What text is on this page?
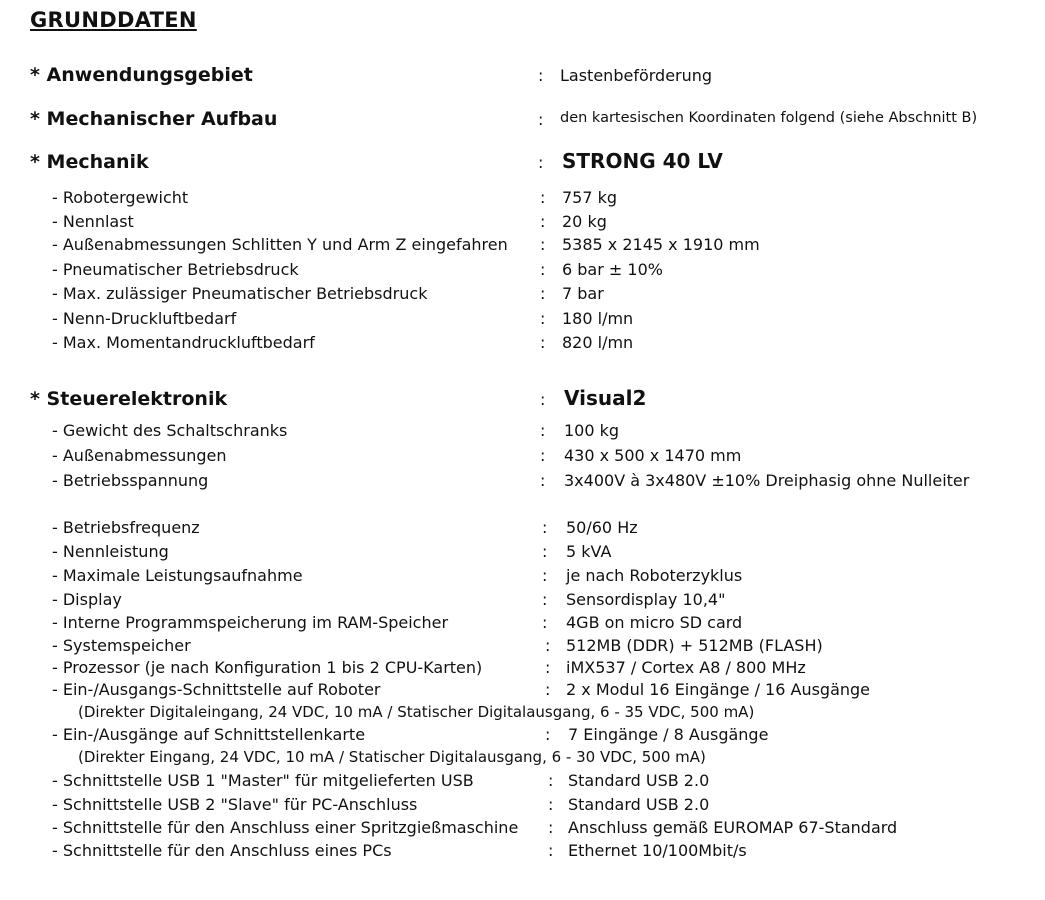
GRUNDDATEN
* Anwendungsgebiet	: Lastenbeförderung
* Mechanischer Aufbau	: den kartesischen Koordinaten folgend (siehe Abschnitt B)
* Mechanik	: STRONG 40 LV
- Robotergewicht	: 757 kg
- Nennlast	: 20 kg
- Außenabmessungen Schlitten Y und Arm Z eingefahren : 5385 x 2145 x 1910 mm
- Pneumatischer Betriebsdruck	: 6 bar ± 10%
- Max. zulässiger Pneumatischer Betriebsdruck	: 7 bar
- Nenn-Druckluftbedarf	: 180 l/mn
- Max. Momentandruckluftbedarf	: 820 l/mn
* Steuerelektronik	: Visual2
- Gewicht des Schaltschranks	: 100 kg
- Außenabmessungen	: 430 x 500 x 1470 mm
- Betriebsspannung	: 3x400V à 3x480V ±10% Dreiphasig ohne Nulleiter
- Betriebsfrequenz	: 50/60 Hz
- Nennleistung	: 5 kVA
- Maximale Leistungsaufnahme	: je nach Roboterzyklus
- Display	: Sensordisplay 10,4"
- Interne Programmspeicherung im RAM-Speicher	: 4GB on micro SD card
- Systemspeicher	: 512MB (DDR) + 512MB (FLASH)
- Prozessor (je nach Konfiguration 1 bis 2 CPU-Karten)	: iMX537 / Cortex A8 / 800 MHz
- Ein-/Ausgangs-Schnittstelle auf Roboter	: 2 x Modul 16 Eingänge / 16 Ausgänge
(Direkter Digitaleingang, 24 VDC, 10 mA / Statischer Digitalausgang, 6 - 35 VDC, 500 mA)
- Ein-/Ausgänge auf Schnittstellenkarte	: 7 Eingänge / 8 Ausgänge
(Direkter Eingang, 24 VDC, 10 mA / Statischer Digitalausgang, 6 - 30 VDC, 500 mA)
- Schnittstelle USB 1 "Master" für mitgelieferten USB	: Standard USB 2.0
- Schnittstelle USB 2 "Slave" für PC-Anschluss	: Standard USB 2.0
- Schnittstelle für den Anschluss einer Spritzgießmaschine : Anschluss gemäß EUROMAP 67-Standard
- Schnittstelle für den Anschluss eines PCs	: Ethernet 10/100Mbit/s
